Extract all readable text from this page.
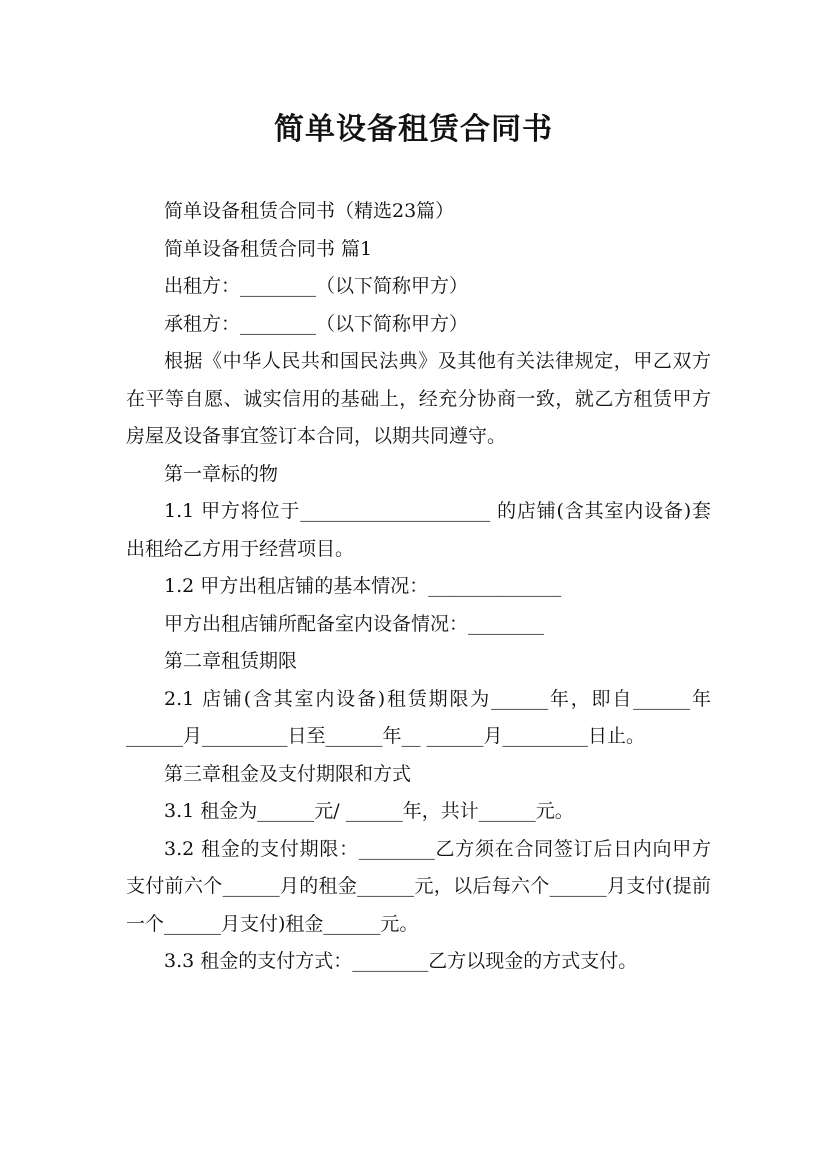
简单设备租赁合同书

简单设备租赁合同书（精选23篇）

简单设备租赁合同书 篇1

出租方：________（以下简称甲方）

承租方：________（以下简称甲方）

根据《中华人民共和国民法典》及其他有关法律规定，甲乙双方在平等自愿、诚实信用的基础上，经充分协商一致，就乙方租赁甲方房屋及设备事宜签订本合同，以期共同遵守。

第一章标的物

1.1 甲方将位于____________________ 的店铺(含其室内设备)套出租给乙方用于经营项目。

1.2 甲方出租店铺的基本情况：______________

甲方出租店铺所配备室内设备情况：________

第二章租赁期限

2.1 店铺(含其室内设备)租赁期限为______年，即自______年______月_________日至______年__ ______月_________日止。

第三章租金及支付期限和方式

3.1 租金为______元/ ______年，共计______元。

3.2 租金的支付期限：________乙方须在合同签订后日内向甲方支付前六个______月的租金______元，以后每六个______月支付(提前一个______月支付)租金______元。

3.3 租金的支付方式：________乙方以现金的方式支付。
